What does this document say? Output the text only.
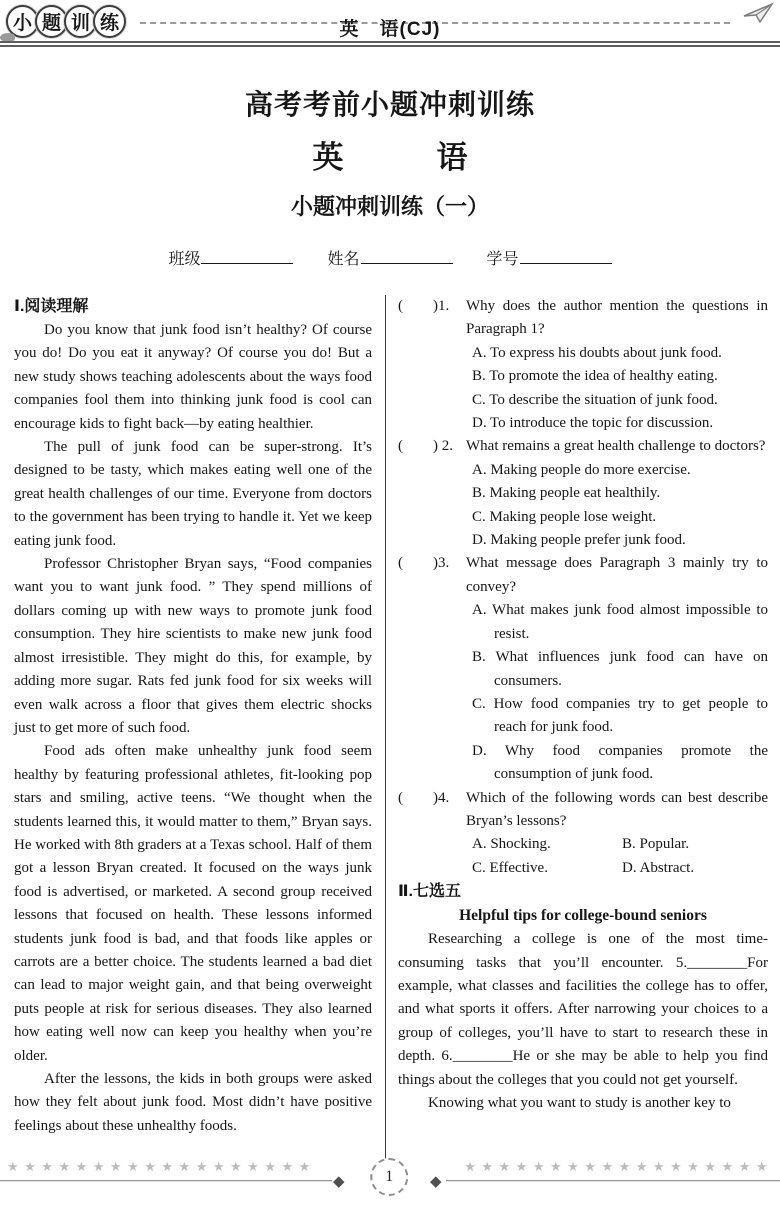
小 题 训 练	英　语(CJ)
高考考前小题冲刺训练
英　　　语
小题冲刺训练（一）
班级	姓名	学号
Ⅰ.阅读理解

Do you know that junk food isn’t healthy? Of course you do! Do you eat it anyway? Of course you do! But a new study shows teaching adolescents about the ways food companies fool them into thinking junk food is cool can encourage kids to fight back—by eating healthier.

The pull of junk food can be super-strong. It’s designed to be tasty, which makes eating well one of the great health challenges of our time. Everyone from doctors to the government has been trying to handle it. Yet we keep eating junk food.

Professor Christopher Bryan says, “Food companies want you to want junk food. ” They spend millions of dollars coming up with new ways to promote junk food consumption. They hire scientists to make new junk food almost irresistible. They might do this, for example, by adding more sugar. Rats fed junk food for six weeks will even walk across a floor that gives them electric shocks just to get more of such food.

Food ads often make unhealthy junk food seem healthy by featuring professional athletes, fit-looking pop stars and smiling, active teens. “We thought when the students learned this, it would matter to them,” Bryan says. He worked with 8th graders at a Texas school. Half of them got a lesson Bryan created. It focused on the ways junk food is advertised, or marketed. A second group received lessons that focused on health. These lessons informed students junk food is bad, and that foods like apples or carrots are a better choice. The students learned a bad diet can lead to major weight gain, and that being overweight puts people at risk for serious diseases. They also learned how eating well now can keep you healthy when you’re older.

After the lessons, the kids in both groups were asked how they felt about junk food. Most didn’t have positive feelings about these unhealthy foods.

(        )1.	Why does the author mention the questions in Paragraph 1?
A. To express his doubts about junk food.
B. To promote the idea of healthy eating.
C. To describe the situation of junk food.
D. To introduce the topic for discussion.
(        ) 2. What remains a great health challenge to doctors?
A. Making people do more exercise.
B. Making people eat healthily.
C. Making people lose weight.
D. Making people prefer junk food.
(        )3.	What message does Paragraph 3 mainly try to convey?
A. What makes junk food almost impossible to resist.
B. What influences junk food can have on consumers.
C. How food companies try to get people to reach for junk food.
D. Why food companies promote the consumption of junk food.
(        )4.	Which of the following words can best describe Bryan’s lessons?
A. Shocking.	B. Popular.
C. Effective.	D. Abstract.
Ⅱ.七选五
Helpful tips for college-bound seniors

Researching a college is one of the most time-consuming tasks that you’ll encounter. 5.________For example, what classes and facilities the college has to offer, and what sports it offers. After narrowing your choices to a group of colleges, you’ll have to start to research these in depth. 6.________He or she may be able to help you find things about the colleges that you could not get yourself.

Knowing what you want to study is another key to

★★★★★★★★★★★★★★★★★★
◆	1	◆
★★★★★★★★★★★★★★★★★★
